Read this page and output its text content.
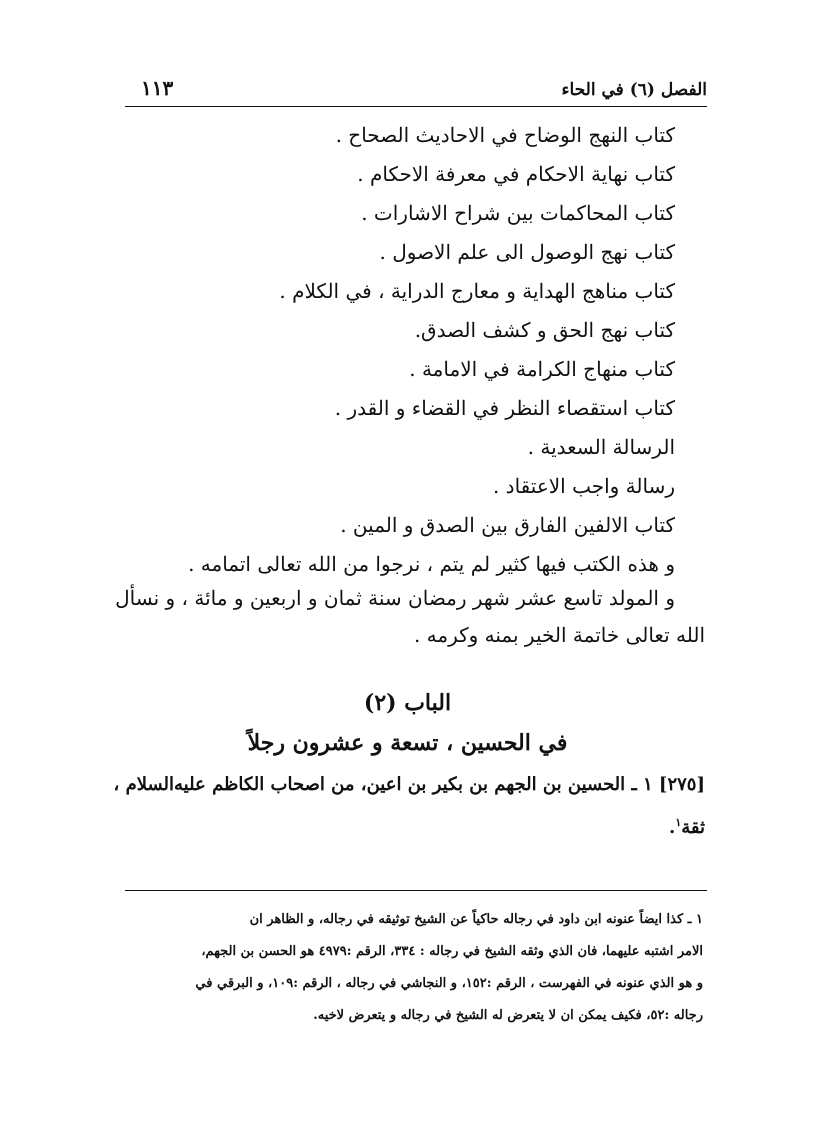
الفصل (٦) في الحاء
١١٣
كتاب النهج الوضاح في الاحاديث الصحاح .
كتاب نهاية الاحكام في معرفة الاحكام .
كتاب المحاكمات بين شراح الاشارات .
كتاب نهج الوصول الى علم الاصول .
كتاب مناهج الهداية و معارج الدراية ، في الكلام .
كتاب نهج الحق و كشف الصدق.
كتاب منهاج الكرامة في الامامة .
كتاب استقصاء النظر في القضاء و القدر .
الرسالة السعدية .
رسالة واجب الاعتقاد .
كتاب الالفين الفارق بين الصدق و المين .
و هذه الكتب فيها كثير لم يتم ، نرجوا من الله تعالى اتمامه .
و المولد تاسع عشر شهر رمضان سنة ثمان و اربعين و مائة ، و نسأل
الله تعالى خاتمة الخير بمنه وكرمه .
الباب (٢)
في الحسين ، تسعة و عشرون رجلاً
[٢٧٥] ١ ـ الحسين بن الجهم بن بكير بن اعين، من اصحاب الكاظم عليه‌السلام ،
ثقة$^١$.
١ ـ كذا ايضاً عنونه ابن داود في رجاله حاكياً عن الشيخ توثيقه في رجاله، و الظاهر ان
الامر اشتبه عليهما، فان الذي وثقه الشيخ في رجاله : ٣٣٤، الرقم :٤٩٧٩ هو الحسن بن الجهم،
و هو الذي عنونه في الفهرست ، الرقم :١٥٢، و النجاشي في رجاله ، الرقم :١٠٩، و البرقي في
رجاله :٥٢، فكيف يمكن ان لا يتعرض له الشيخ في رجاله و يتعرض لاخيه.
